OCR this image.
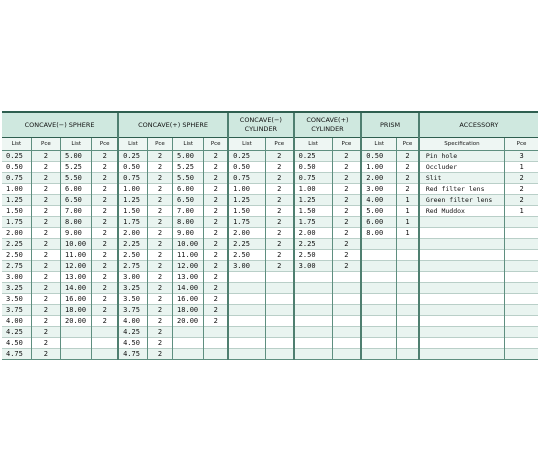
CONCAVE(−) SPHERE				CONCAVE(+) SPHERE				CONCAVE(−)
CYLINDER		CONCAVE(+)
CYLINDER		PRISM		ACCESSORY	
List	Pce	List	Pce	List	Pce	List	Pce	List	Pce	List	Pce	List	Pce	Specification	Pce
0.25	2	5.00	2	0.25	2	5.00	2	0.25	2	0.25	2	0.50	2	Pin hole	3
0.50	2	5.25	2	0.50	2	5.25	2	0.50	2	0.50	2	1.00	2	Occluder	1
0.75	2	5.50	2	0.75	2	5.50	2	0.75	2	0.75	2	2.00	2	Slit	2
1.00	2	6.00	2	1.00	2	6.00	2	1.00	2	1.00	2	3.00	2	Red filter lens	2
1.25	2	6.50	2	1.25	2	6.50	2	1.25	2	1.25	2	4.00	1	Green filter lens	2
1.50	2	7.00	2	1.50	2	7.00	2	1.50	2	1.50	2	5.00	1	Red Muddox	1
1.75	2	8.00	2	1.75	2	8.00	2	1.75	2	1.75	2	6.00	1		
2.00	2	9.00	2	2.00	2	9.00	2	2.00	2	2.00	2	8.00	1		
2.25	2	10.00	2	2.25	2	10.00	2	2.25	2	2.25	2				
2.50	2	11.00	2	2.50	2	11.00	2	2.50	2	2.50	2				
2.75	2	12.00	2	2.75	2	12.00	2	3.00	2	3.00	2				
3.00	2	13.00	2	3.00	2	13.00	2								
3.25	2	14.00	2	3.25	2	14.00	2								
3.50	2	16.00	2	3.50	2	16.00	2								
3.75	2	18.00	2	3.75	2	18.00	2								
4.00	2	20.00	2	4.00	2	20.00	2								
4.25	2			4.25	2										
4.50	2			4.50	2										
4.75	2			4.75	2										
